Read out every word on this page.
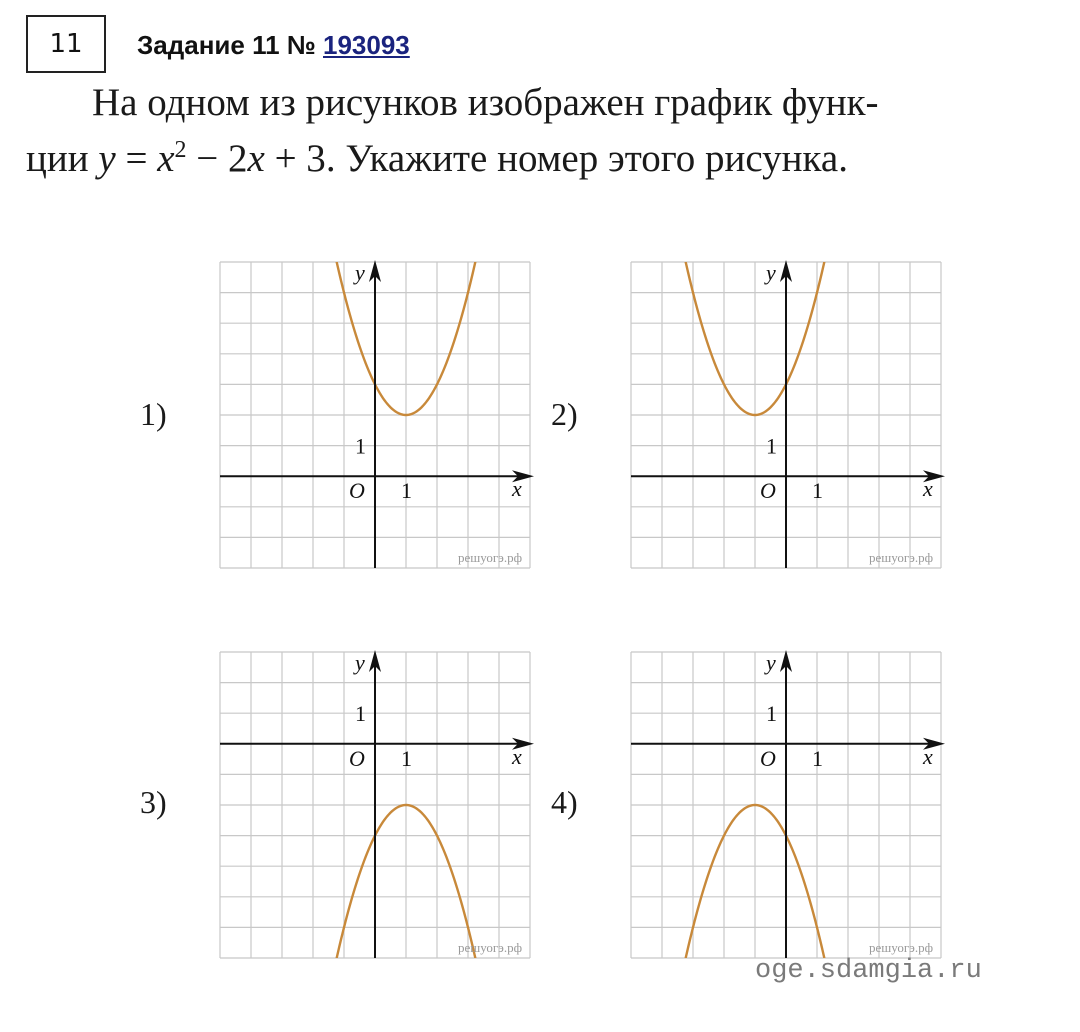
11 Задание 11 № 193093
На одном из рисунков изображен график функ-
ции $y = x^2 - 2x + 3$. Укажите номер этого рисунка.
1)	2)
3)	4)
y
x
O 1
1
решуогэ.рф
y
x
O 1
1
решуогэ.рф
y
x
O 1
1
решуогэ.рф
y
x
O 1
1
решуогэ.рф
oge.sdamgia.ru
